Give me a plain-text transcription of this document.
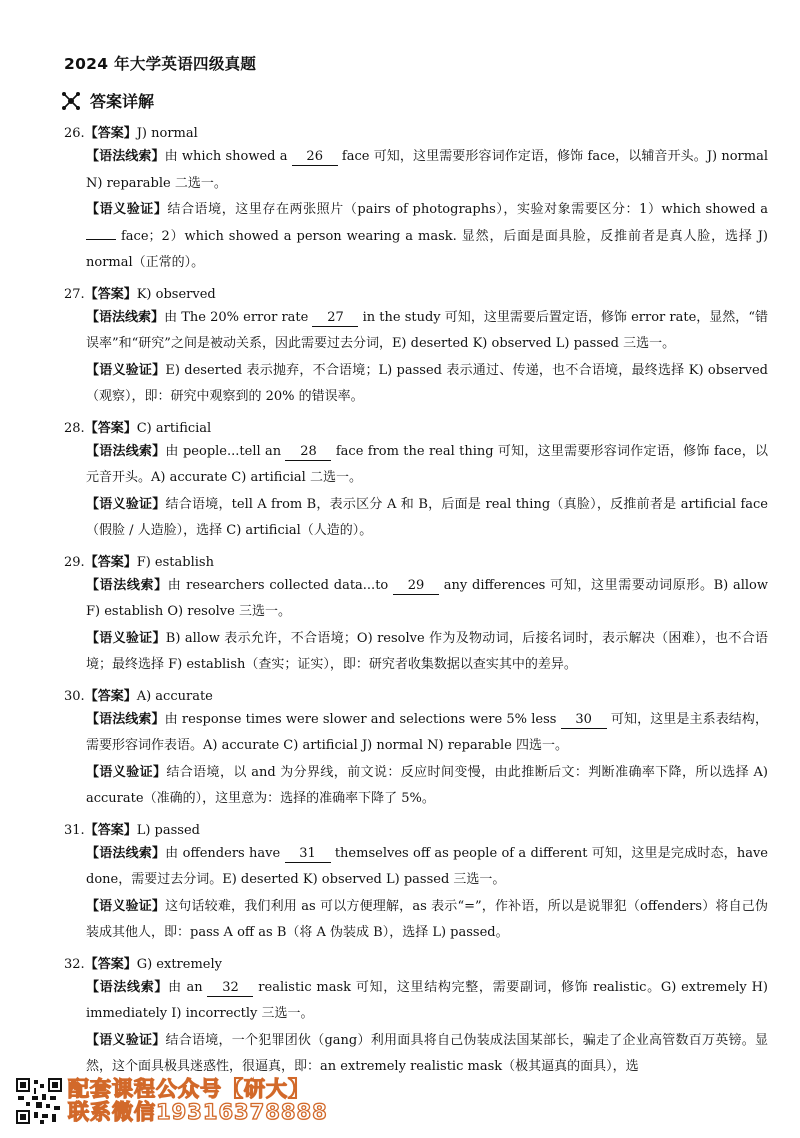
2024 年大学英语四级真题
答案详解
26.【答案】J) normal
【语法线索】由 which showed a 26 face 可知，这里需要形容词作定语，修饰 face，以辅音开头。J) normal N) reparable 二选一。
【语义验证】结合语境，这里存在两张照片（pairs of photographs），实验对象需要区分：1）which showed a  face；2）which showed a person wearing a mask. 显然，后面是面具脸，反推前者是真人脸，选择 J) normal（正常的）。
27.【答案】K) observed
【语法线索】由 The 20% error rate 27 in the study 可知，这里需要后置定语，修饰 error rate，显然，“错误率”和“研究”之间是被动关系，因此需要过去分词，E) deserted K) observed L) passed 三选一。
【语义验证】E) deserted 表示抛弃，不合语境；L) passed 表示通过、传递，也不合语境，最终选择 K) observed（观察），即：研究中观察到的 20% 的错误率。
28.【答案】C) artificial
【语法线索】由 people...tell an 28 face from the real thing 可知，这里需要形容词作定语，修饰 face，以元音开头。A) accurate C) artificial 二选一。
【语义验证】结合语境，tell A from B，表示区分 A 和 B，后面是 real thing（真脸），反推前者是 artificial face（假脸 / 人造脸），选择 C) artificial（人造的）。
29.【答案】F) establish
【语法线索】由 researchers collected data...to 29 any differences 可知，这里需要动词原形。B) allow F) establish O) resolve 三选一。
【语义验证】B) allow 表示允许，不合语境；O) resolve 作为及物动词，后接名词时，表示解决（困难），也不合语境；最终选择 F) establish（查实；证实），即：研究者收集数据以查实其中的差异。
30.【答案】A) accurate
【语法线索】由 response times were slower and selections were 5% less 30 可知，这里是主系表结构，需要形容词作表语。A) accurate C) artificial J) normal N) reparable 四选一。
【语义验证】结合语境，以 and 为分界线，前文说：反应时间变慢，由此推断后文：判断准确率下降，所以选择 A) accurate（准确的），这里意为：选择的准确率下降了 5%。
31.【答案】L) passed
【语法线索】由 offenders have 31 themselves off as people of a different 可知，这里是完成时态，have done，需要过去分词。E) deserted K) observed L) passed 三选一。
【语义验证】这句话较难，我们利用 as 可以方便理解，as 表示“=”，作补语，所以是说罪犯（offenders）将自己伪装成其他人，即：pass A off as B（将 A 伪装成 B），选择 L) passed。
32.【答案】G) extremely
【语法线索】由 an 32 realistic mask 可知，这里结构完整，需要副词，修饰 realistic。G) extremely H) immediately I) incorrectly 三选一。
【语义验证】结合语境，一个犯罪团伙（gang）利用面具将自己伪装成法国某部长，骗走了企业高管数百万英镑。显然，这个面具极具迷惑性，很逼真，即：an extremely realistic mask（极其逼真的面具），选
配套课程公众号【研大】
联系微信19316378888
